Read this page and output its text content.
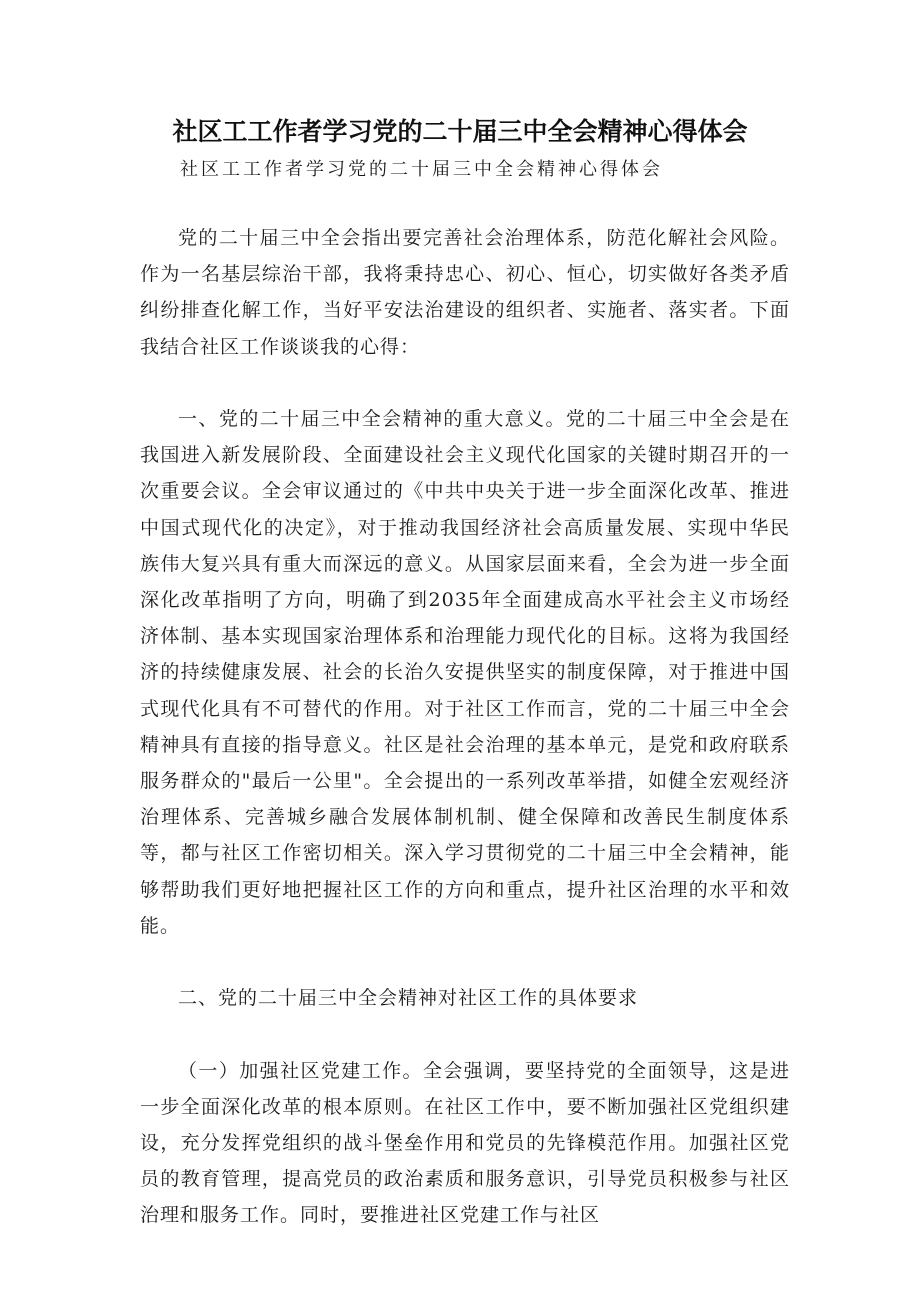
社区工工作者学习党的二十届三中全会精神心得体会
社区工工作者学习党的二十届三中全会精神心得体会

党的二十届三中全会指出要完善社会治理体系，防范化解社会风险。作为一名基层综治干部，我将秉持忠心、初心、恒心，切实做好各类矛盾纠纷排查化解工作，当好平安法治建设的组织者、实施者、落实者。下面我结合社区工作谈谈我的心得：

一、党的二十届三中全会精神的重大意义。党的二十届三中全会是在我国进入新发展阶段、全面建设社会主义现代化国家的关键时期召开的一次重要会议。全会审议通过的《中共中央关于进一步全面深化改革、推进中国式现代化的决定》，对于推动我国经济社会高质量发展、实现中华民族伟大复兴具有重大而深远的意义。从国家层面来看，全会为进一步全面深化改革指明了方向，明确了到2035年全面建成高水平社会主义市场经济体制、基本实现国家治理体系和治理能力现代化的目标。这将为我国经济的持续健康发展、社会的长治久安提供坚实的制度保障，对于推进中国式现代化具有不可替代的作用。对于社区工作而言，党的二十届三中全会精神具有直接的指导意义。社区是社会治理的基本单元，是党和政府联系服务群众的"最后一公里"。全会提出的一系列改革举措，如健全宏观经济治理体系、完善城乡融合发展体制机制、健全保障和改善民生制度体系等，都与社区工作密切相关。深入学习贯彻党的二十届三中全会精神，能够帮助我们更好地把握社区工作的方向和重点，提升社区治理的水平和效能。

二、党的二十届三中全会精神对社区工作的具体要求

（一）加强社区党建工作。全会强调，要坚持党的全面领导，这是进一步全面深化改革的根本原则。在社区工作中，要不断加强社区党组织建设，充分发挥党组织的战斗堡垒作用和党员的先锋模范作用。加强社区党员的教育管理，提高党员的政治素质和服务意识，引导党员积极参与社区治理和服务工作。同时，要推进社区党建工作与社区
